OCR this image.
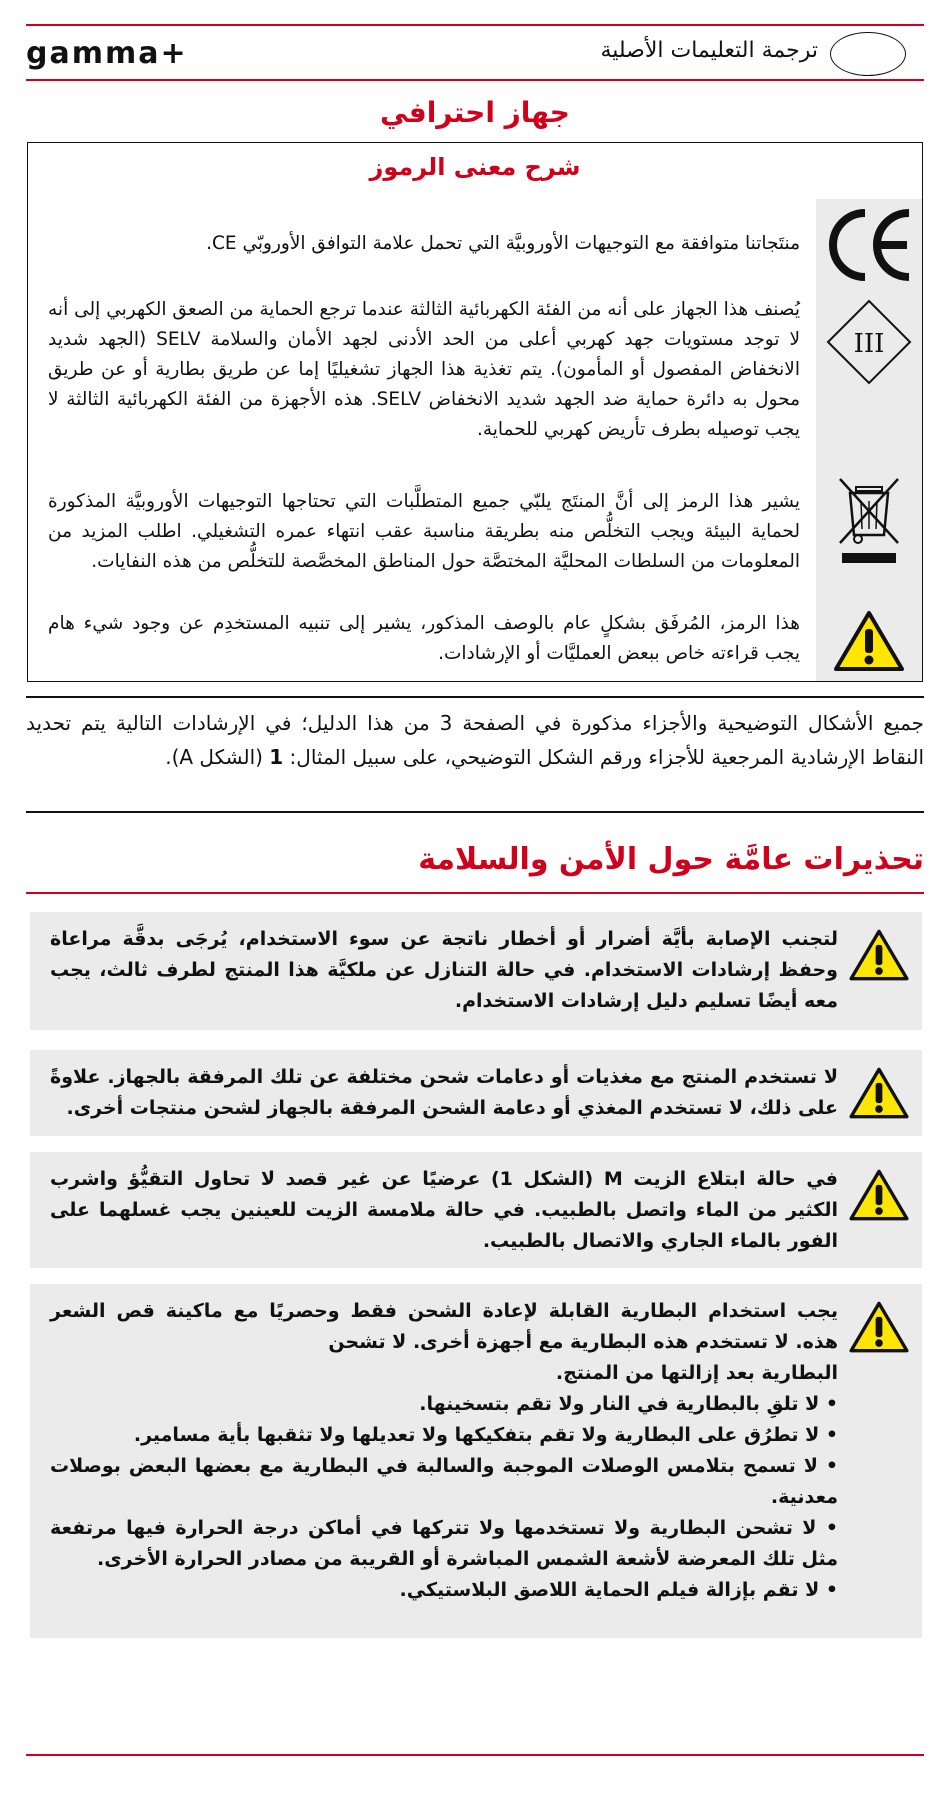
gamma+	ترجمة التعليمات الأصلية
جهاز احترافي
شرح معنى الرموز
منتَجاتنا متوافقة مع التوجيهات الأوروبيَّة التي تحمل علامة التوافق الأوروبّي CE.
III
يُصنف هذا الجهاز على أنه من الفئة الكهربائية الثالثة عندما ترجع الحماية من الصعق الكهربي إلى أنه لا توجد مستويات جهد كهربي أعلى من الحد الأدنى لجهد الأمان والسلامة SELV (الجهد شديد الانخفاض المفصول أو المأمون). يتم تغذية هذا الجهاز تشغيليًا إما عن طريق بطارية أو عن طريق محول به دائرة حماية ضد الجهد شديد الانخفاض SELV. هذه الأجهزة من الفئة الكهربائية الثالثة لا يجب توصيله بطرف تأريض كهربي للحماية.
يشير هذا الرمز إلى أنَّ المنتَج يلبّي جميع المتطلَّبات التي تحتاجها التوجيهات الأوروبيَّة المذكورة لحماية البيئة ويجب التخلُّص منه بطريقة مناسبة عقب انتهاء عمره التشغيلي. اطلب المزيد من المعلومات من السلطات المحليَّة المختصَّة حول المناطق المخصَّصة للتخلُّص من هذه النفايات.
هذا الرمز، المُرفَق بشكلٍ عام بالوصف المذكور، يشير إلى تنبيه المستخدِم عن وجود شيء هام يجب قراءته خاص ببعض العمليَّات أو الإرشادات.
جميع الأشكال التوضيحية والأجزاء مذكورة في الصفحة 3 من هذا الدليل؛ في الإرشادات التالية يتم تحديد النقاط الإرشادية المرجعية للأجزاء ورقم الشكل التوضيحي، على سبيل المثال: 1 (الشكل A).
تحذيرات عامَّة حول الأمن والسلامة
لتجنب الإصابة بأيَّة أضرار أو أخطار ناتجة عن سوء الاستخدام، يُرجَى بدقَّة مراعاة وحفظ إرشادات الاستخدام. في حالة التنازل عن ملكيَّة هذا المنتج لطرف ثالث، يجب معه أيضًا تسليم دليل إرشادات الاستخدام.
لا تستخدم المنتج مع مغذيات أو دعامات شحن مختلفة عن تلك المرفقة بالجهاز. علاوةً على ذلك، لا تستخدم المغذي أو دعامة الشحن المرفقة بالجهاز لشحن منتجات أخرى.
في حالة ابتلاع الزيت M (الشكل 1) عرضيًا عن غير قصد لا تحاول التقيُّؤ واشرب الكثير من الماء واتصل بالطبيب. في حالة ملامسة الزيت للعينين يجب غسلهما على الفور بالماء الجاري والاتصال بالطبيب.
يجب استخدام البطارية القابلة لإعادة الشحن فقط وحصريًا مع ماكينة قص الشعر هذه. لا تستخدم هذه البطارية مع أجهزة أخرى. لا تشحن
البطارية بعد إزالتها من المنتج.
• لا تلقِ بالبطارية في النار ولا تقم بتسخينها.
• لا تطرُق على البطارية ولا تقم بتفكيكها ولا تعديلها ولا تثقبها بأية مسامير.
• لا تسمح بتلامس الوصلات الموجبة والسالبة في البطارية مع بعضها البعض بوصلات معدنية.
• لا تشحن البطارية ولا تستخدمها ولا تتركها في أماكن درجة الحرارة فيها مرتفعة مثل تلك المعرضة لأشعة الشمس المباشرة أو القريبة من مصادر الحرارة الأخرى.
• لا تقم بإزالة فيلم الحماية اللاصق البلاستيكي.
